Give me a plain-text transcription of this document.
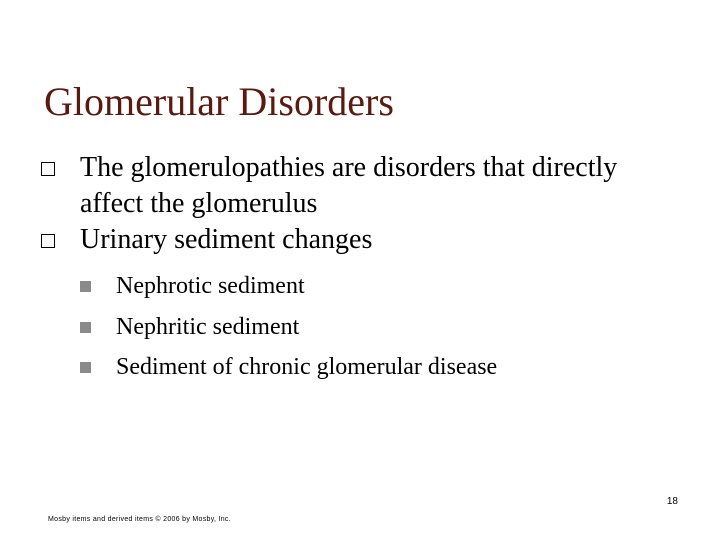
Glomerular Disorders
The glomerulopathies are disorders that directly affect the glomerulus
Urinary sediment changes
Nephrotic sediment
Nephritic sediment
Sediment of chronic glomerular disease
18
Mosby items and derived items © 2006 by Mosby, Inc.
